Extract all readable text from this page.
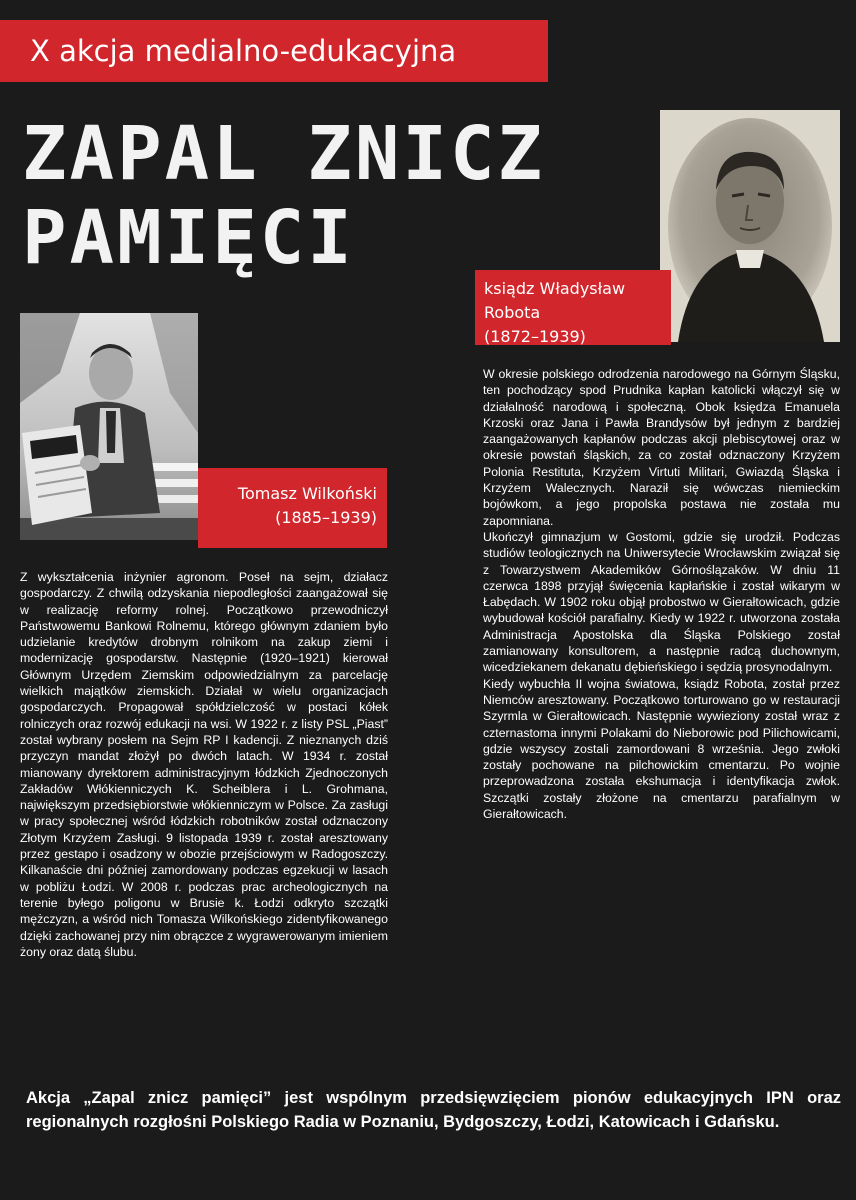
X akcja medialno-edukacyjna
ZAPAL ZNICZ
PAMIĘCI
Tomasz Wilkoński
(1885–1939)
ksiądz Władysław
Robota
(1872–1939)

Z wykształcenia inżynier agronom. Poseł na sejm, działacz gospodarczy. Z chwilą odzyskania niepodległości zaangażował się w realizację reformy rolnej. Początkowo przewodniczył Państwowemu Bankowi Rolnemu, którego głównym zdaniem było udzielanie kredytów drobnym rolnikom na zakup ziemi i modernizację gospodarstw. Następnie (1920–1921) kierował Głównym Urzędem Ziemskim odpowiedzialnym za parcelację wielkich majątków ziemskich. Działał w wielu organizacjach gospodarczych. Propagował spółdzielczość w postaci kółek rolniczych oraz rozwój edukacji na wsi. W 1922 r. z listy PSL „Piast” został wybrany posłem na Sejm RP I kadencji. Z nieznanych dziś przyczyn mandat złożył po dwóch latach. W 1934 r. został mianowany dyrektorem administracyjnym łódzkich Zjednoczonych Zakładów Włókienniczych K. Scheiblera i L. Grohmana, największym przedsiębiorstwie włókienniczym w Polsce. Za zasługi w pracy społecznej wśród łódzkich robotników został odznaczony Złotym Krzyżem Zasługi. 9 listopada 1939 r. został aresztowany przez gestapo i osadzony w obozie przejściowym w Radogoszczy. Kilkanaście dni później zamordowany podczas egzekucji w lasach w pobliżu Łodzi. W 2008 r. podczas prac archeologicznych na terenie byłego poligonu w Brusie k. Łodzi odkryto szczątki mężczyzn, a wśród nich Tomasza Wilkońskiego zidentyfikowanego dzięki zachowanej przy nim obrączce z wygrawerowanym imieniem żony oraz datą ślubu.

W okresie polskiego odrodzenia narodowego na Górnym Śląsku, ten pochodzący spod Prudnika kapłan katolicki włączył się w działalność narodową i społeczną. Obok księdza Emanuela Krzoski oraz Jana i Pawła Brandysów był jednym z bardziej zaangażowanych kapłanów podczas akcji plebiscytowej oraz w okresie powstań śląskich, za co został odznaczony Krzyżem Polonia Restituta, Krzyżem Virtuti Militari, Gwiazdą Śląska i Krzyżem Walecznych. Naraził się wówczas niemieckim bojówkom, a jego propolska postawa nie została mu zapomniana.

Ukończył gimnazjum w Gostomi, gdzie się urodził. Podczas studiów teologicznych na Uniwersytecie Wrocławskim związał się z Towarzystwem Akademików Górnoślązaków. W dniu 11 czerwca 1898 przyjął święcenia kapłańskie i został wikarym w Łabędach. W 1902 roku objął probostwo w Gierałtowicach, gdzie wybudował kościół parafialny. Kiedy w 1922 r. utworzona została Administracja Apostolska dla Śląska Polskiego został zamianowany konsultorem, a następnie radcą duchownym, wicedziekanem dekanatu dębieńskiego i sędzią prosynodalnym.

Kiedy wybuchła II wojna światowa, ksiądz Robota, został przez Niemców aresztowany. Początkowo torturowano go w restauracji Szyrmla w Gierałtowicach. Następnie wywieziony został wraz z czternastoma innymi Polakami do Nieborowic pod Pilichowicami, gdzie wszyscy zostali zamordowani 8 września. Jego zwłoki zostały pochowane na pilchowickim cmentarzu. Po wojnie przeprowadzona została ekshumacja i identyfikacja zwłok. Szczątki zostały złożone na cmentarzu parafialnym w Gierałtowicach.

Akcja „Zapal znicz pamięci” jest wspólnym przedsięwzięciem pionów edukacyjnych IPN oraz regionalnych rozgłośni Polskiego Radia w Poznaniu, Bydgoszczy, Łodzi, Katowicach i Gdańsku.
